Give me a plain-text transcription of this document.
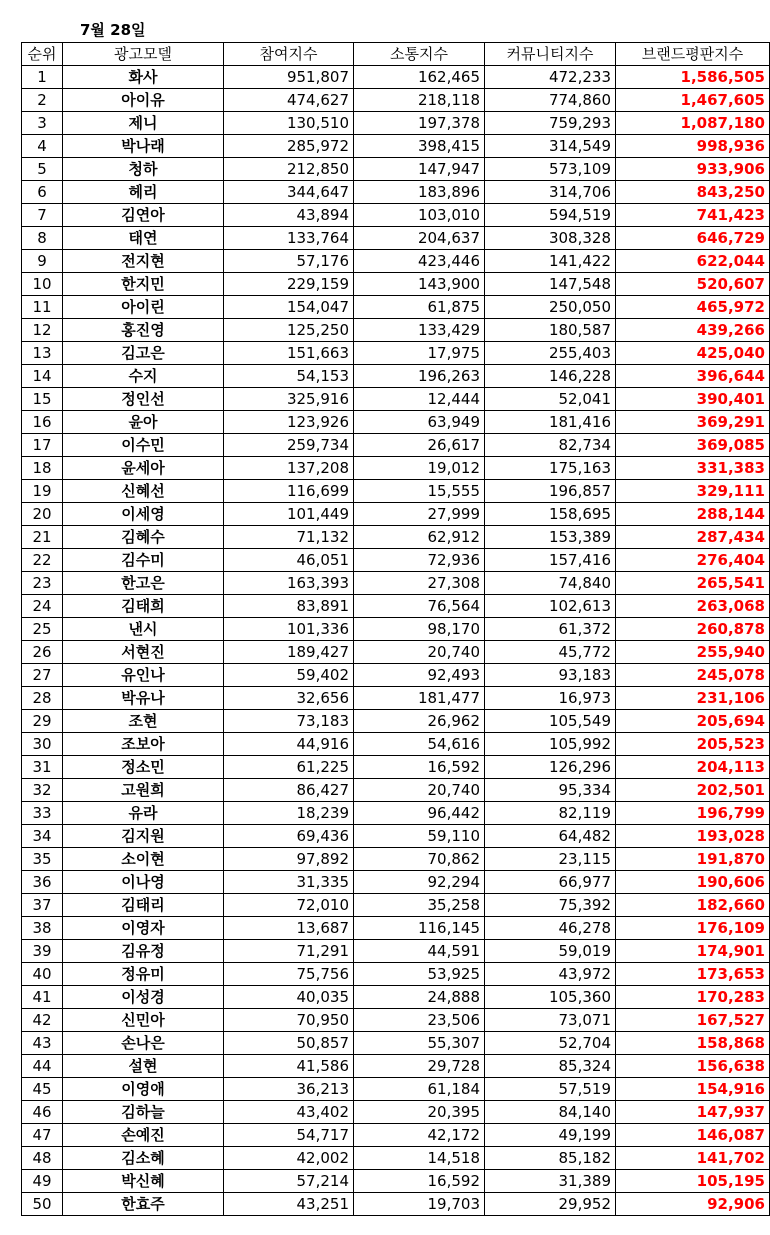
7월 28일
순위	광고모델	참여지수	소통지수	커뮤니티지수	브랜드평판지수
1	화사	951,807	162,465	472,233	1,586,505
2	아이유	474,627	218,118	774,860	1,467,605
3	제니	130,510	197,378	759,293	1,087,180
4	박나래	285,972	398,415	314,549	998,936
5	청하	212,850	147,947	573,109	933,906
6	헤리	344,647	183,896	314,706	843,250
7	김연아	43,894	103,010	594,519	741,423
8	태연	133,764	204,637	308,328	646,729
9	전지현	57,176	423,446	141,422	622,044
10	한지민	229,159	143,900	147,548	520,607
11	아이린	154,047	61,875	250,050	465,972
12	홍진영	125,250	133,429	180,587	439,266
13	김고은	151,663	17,975	255,403	425,040
14	수지	54,153	196,263	146,228	396,644
15	정인선	325,916	12,444	52,041	390,401
16	윤아	123,926	63,949	181,416	369,291
17	이수민	259,734	26,617	82,734	369,085
18	윤세아	137,208	19,012	175,163	331,383
19	신혜선	116,699	15,555	196,857	329,111
20	이세영	101,449	27,999	158,695	288,144
21	김혜수	71,132	62,912	153,389	287,434
22	김수미	46,051	72,936	157,416	276,404
23	한고은	163,393	27,308	74,840	265,541
24	김태희	83,891	76,564	102,613	263,068
25	낸시	101,336	98,170	61,372	260,878
26	서현진	189,427	20,740	45,772	255,940
27	유인나	59,402	92,493	93,183	245,078
28	박유나	32,656	181,477	16,973	231,106
29	조현	73,183	26,962	105,549	205,694
30	조보아	44,916	54,616	105,992	205,523
31	정소민	61,225	16,592	126,296	204,113
32	고원희	86,427	20,740	95,334	202,501
33	유라	18,239	96,442	82,119	196,799
34	김지원	69,436	59,110	64,482	193,028
35	소이현	97,892	70,862	23,115	191,870
36	이나영	31,335	92,294	66,977	190,606
37	김태리	72,010	35,258	75,392	182,660
38	이영자	13,687	116,145	46,278	176,109
39	김유정	71,291	44,591	59,019	174,901
40	정유미	75,756	53,925	43,972	173,653
41	이성경	40,035	24,888	105,360	170,283
42	신민아	70,950	23,506	73,071	167,527
43	손나은	50,857	55,307	52,704	158,868
44	설현	41,586	29,728	85,324	156,638
45	이영애	36,213	61,184	57,519	154,916
46	김하늘	43,402	20,395	84,140	147,937
47	손예진	54,717	42,172	49,199	146,087
48	김소혜	42,002	14,518	85,182	141,702
49	박신혜	57,214	16,592	31,389	105,195
50	한효주	43,251	19,703	29,952	92,906
